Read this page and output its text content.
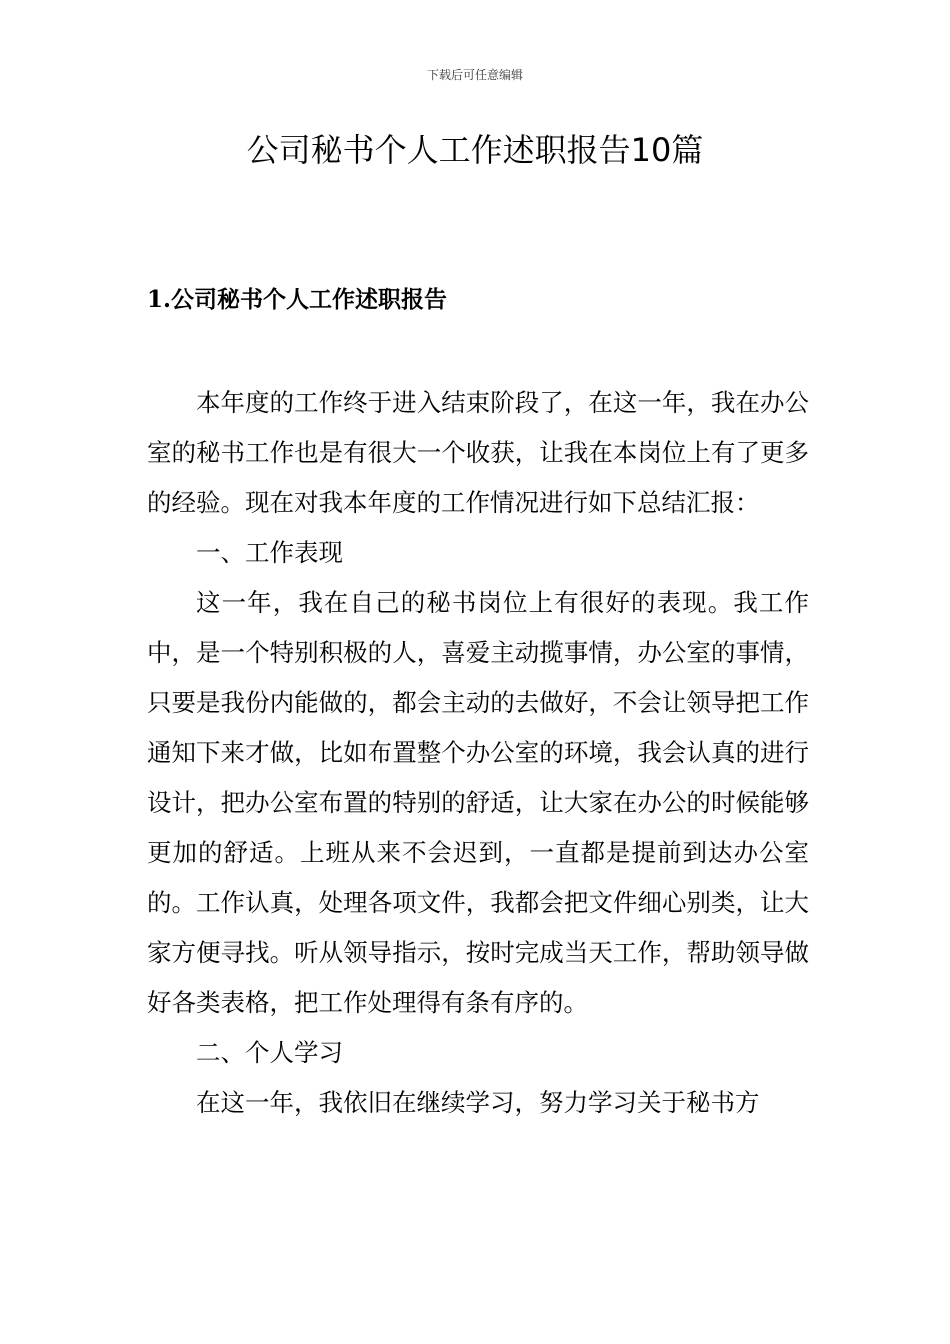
下载后可任意编辑
公司秘书个人工作述职报告10篇
1.公司秘书个人工作述职报告

本年度的工作终于进入结束阶段了，在这一年，我在办公室的秘书工作也是有很大一个收获，让我在本岗位上有了更多的经验。现在对我本年度的工作情况进行如下总结汇报：

一、工作表现

这一年，我在自己的秘书岗位上有很好的表现。我工作中，是一个特别积极的人，喜爱主动揽事情，办公室的事情，只要是我份内能做的，都会主动的去做好，不会让领导把工作通知下来才做，比如布置整个办公室的环境，我会认真的进行设计，把办公室布置的特别的舒适，让大家在办公的时候能够更加的舒适。上班从来不会迟到，一直都是提前到达办公室的。工作认真，处理各项文件，我都会把文件细心别类，让大家方便寻找。听从领导指示，按时完成当天工作，帮助领导做好各类表格，把工作处理得有条有序的。

二、个人学习

在这一年，我依旧在继续学习，努力学习关于秘书方
